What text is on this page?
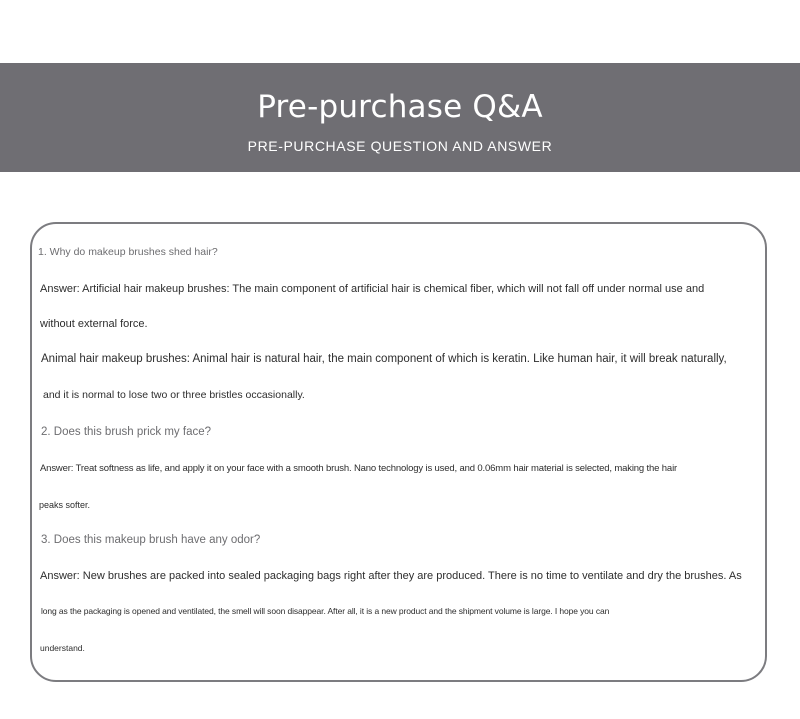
Pre-purchase Q&A
PRE-PURCHASE QUESTION AND ANSWER
1. Why do makeup brushes shed hair?
Answer: Artificial hair makeup brushes: The main component of artificial hair is chemical fiber, which will not fall off under normal use and
without external force.
Animal hair makeup brushes: Animal hair is natural hair, the main component of which is keratin. Like human hair, it will break naturally,
and it is normal to lose two or three bristles occasionally.
2. Does this brush prick my face?
Answer: Treat softness as life, and apply it on your face with a smooth brush. Nano technology is used, and 0.06mm hair material is selected, making the hair
peaks softer.
3. Does this makeup brush have any odor?
Answer: New brushes are packed into sealed packaging bags right after they are produced. There is no time to ventilate and dry the brushes. As
long as the packaging is opened and ventilated, the smell will soon disappear. After all, it is a new product and the shipment volume is large. I hope you can
understand.
